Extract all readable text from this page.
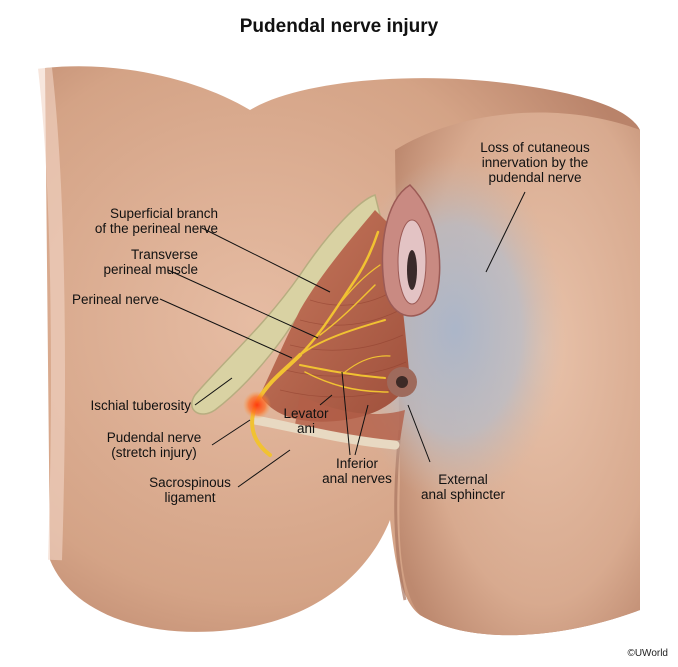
Pudendal nerve injury
Superficial branch
of the perineal nerve
Transverse
perineal muscle
Perineal nerve
Ischial tuberosity
Pudendal nerve
(stretch injury)
Sacrospinous
ligament
Levator
ani
Inferior
anal nerves	External
anal sphincter
Loss of cutaneous
innervation by the
pudendal nerve
©UWorld
